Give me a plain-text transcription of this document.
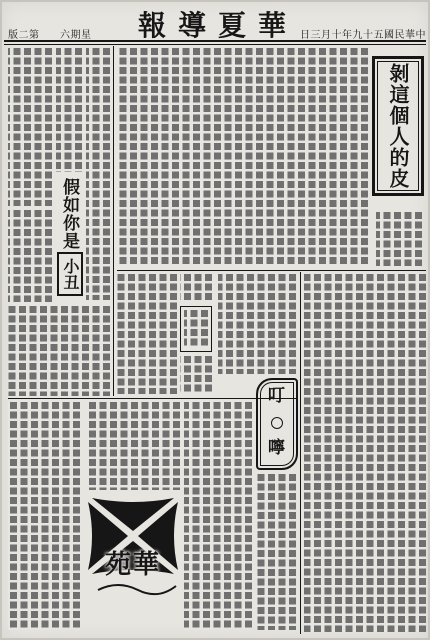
第二版 星期六 華夏導報 中華民國五十九年十月三日
假如你是
小丑
剝這個人的皮
叮
嚀
華苑
